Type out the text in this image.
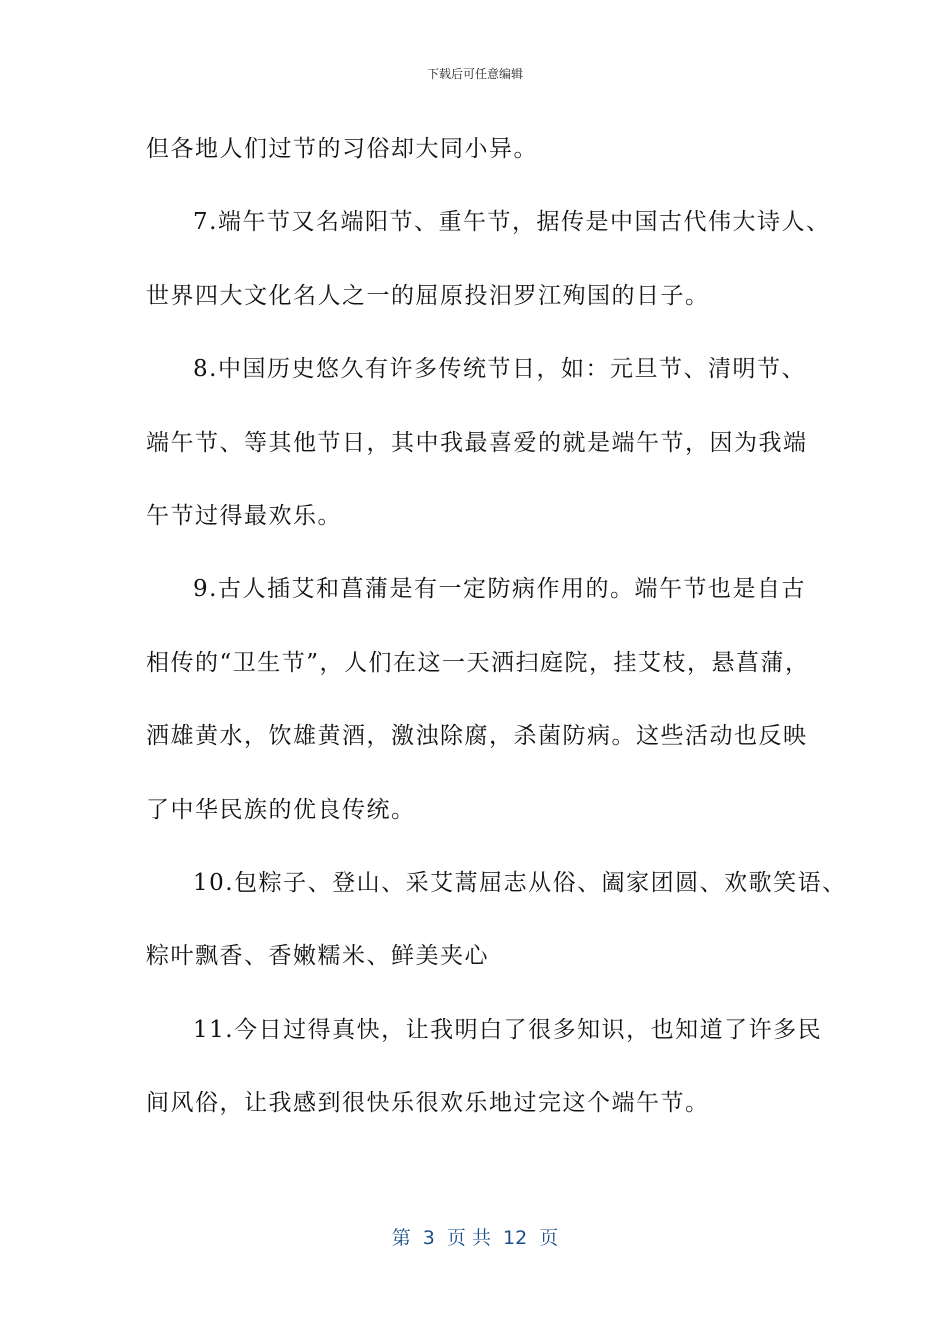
下载后可任意编辑
但各地人们过节的习俗却大同小异。
7.端午节又名端阳节、重午节，据传是中国古代伟大诗人、
世界四大文化名人之一的屈原投汨罗江殉国的日子。
8.中国历史悠久有许多传统节日，如：元旦节、清明节、
端午节、等其他节日，其中我最喜爱的就是端午节，因为我端
午节过得最欢乐。
9.古人插艾和菖蒲是有一定防病作用的。端午节也是自古
相传的“卫生节”，人们在这一天洒扫庭院，挂艾枝，悬菖蒲，
洒雄黄水，饮雄黄酒，激浊除腐，杀菌防病。这些活动也反映
了中华民族的优良传统。
10.包粽子、登山、采艾蒿屈志从俗、阖家团圆、欢歌笑语、
粽叶飘香、香嫩糯米、鲜美夹心
11.今日过得真快，让我明白了很多知识，也知道了许多民
间风俗，让我感到很快乐很欢乐地过完这个端午节。
第  3  页 共  12  页
